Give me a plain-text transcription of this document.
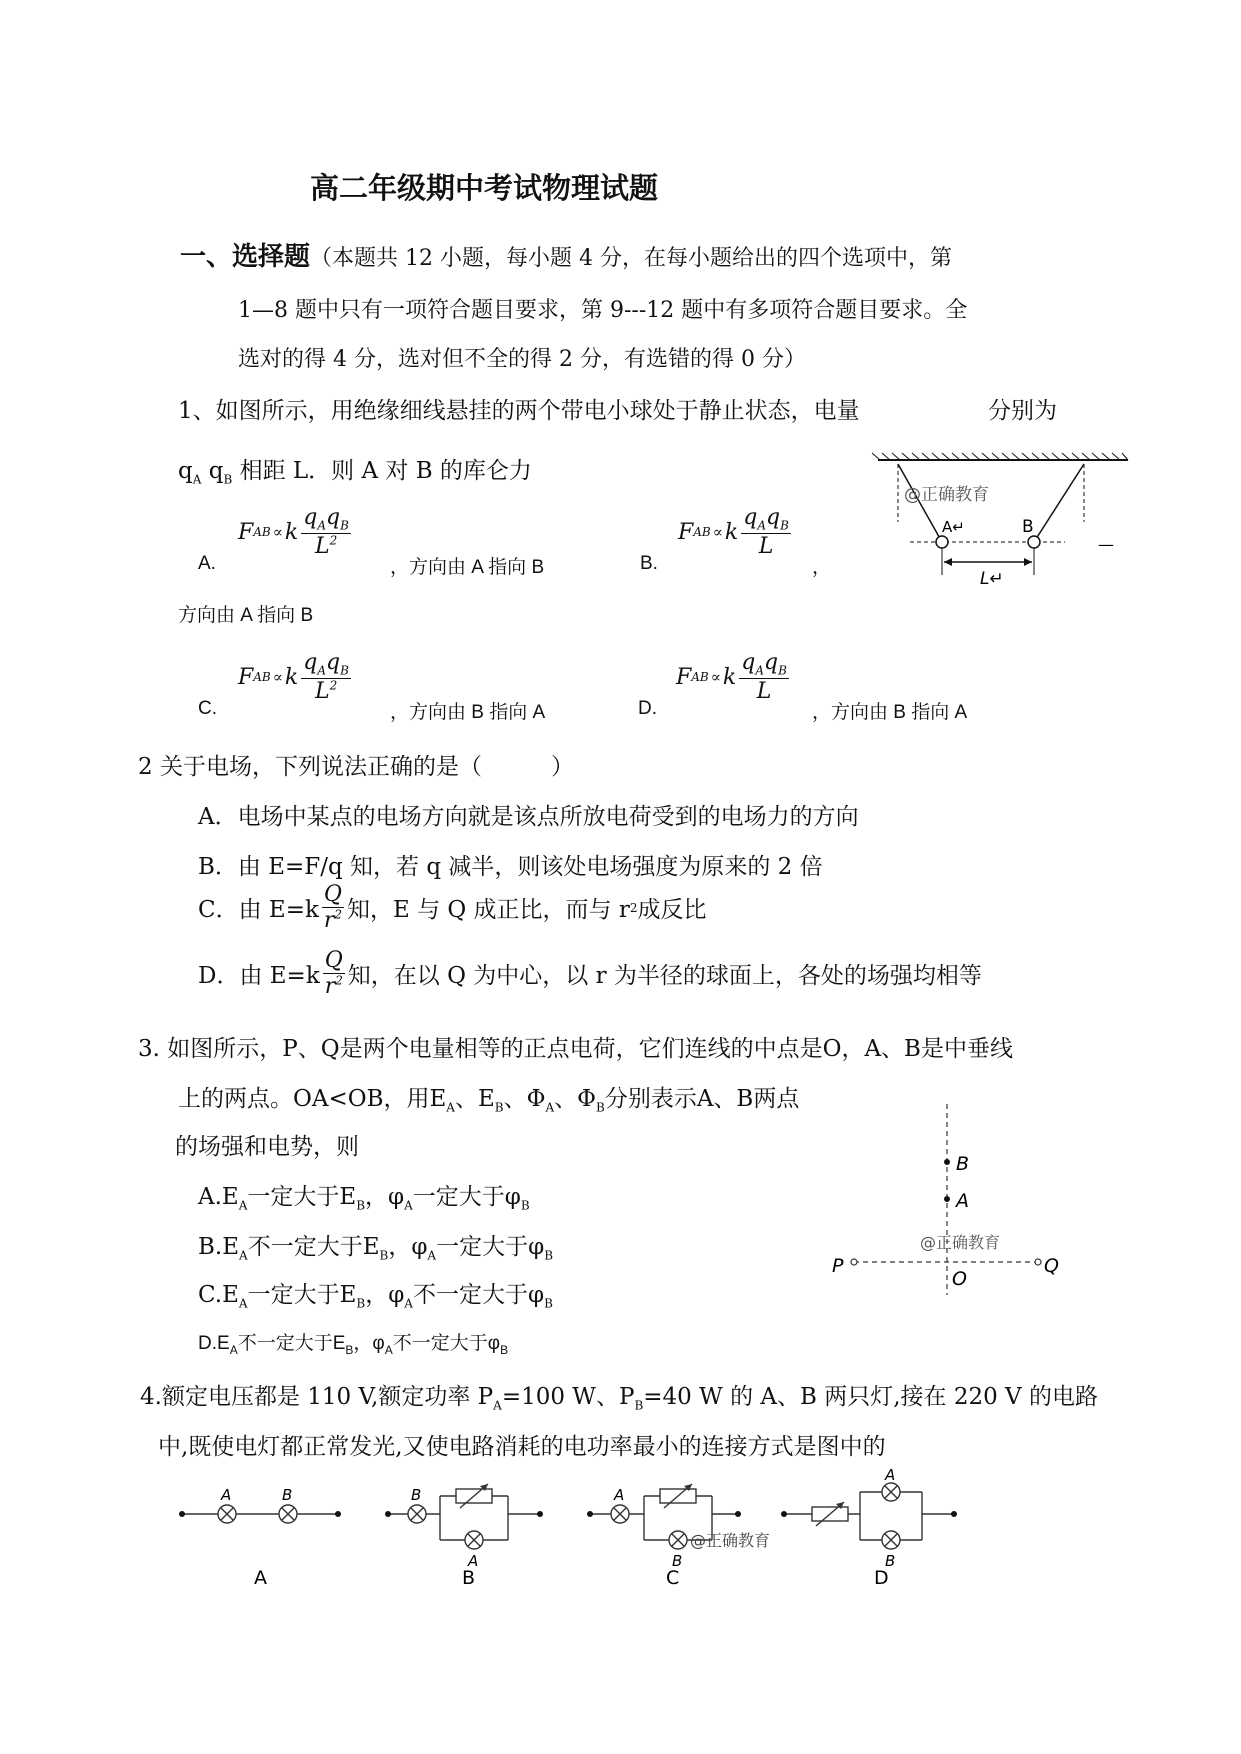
高二年级期中考试物理试题
一、选择题（本题共 12 小题，每小题 4 分，在每小题给出的四个选项中，第
1—8 题中只有一项符合题目要求，第 9---12 题中有多项符合题目要求。全
选对的得 4 分，选对但不全的得 2 分，有选错的得 0 分）
1、如图所示，用绝缘细线悬挂的两个带电小球处于静止状态，电量	分别为
$q_A$ $q_B$ 相距 L．则 A 对 B 的库仑力
A↵	B
L↵
@正确教育
—
A.
F AB ∝ k $\frac{q_Aq_B}{L^2}$
，方向由 A 指向 B	B.
F AB ∝ k $\frac{q_Aq_B}{L}$
，
方向由 A 指向 B
C.
F AB ∝ k $\frac{q_Aq_B}{L^2}$
，方向由 B 指向 A	D.
F AB ∝ k $\frac{q_Aq_B}{L}$
，方向由 B 指向 A
2 关于电场，下列说法正确的是（　　　）
A．电场中某点的电场方向就是该点所放电荷受到的电场力的方向
B．由 E=F/q 知，若 q 减半，则该处电场强度为原来的 2 倍
C．由 $E=k \frac{Q}{r^2}$ 知，E 与 Q 成正比，而与 r 2 成反比
D．由 $E=k \frac{Q}{r^2}$ 知，在以 Q 为中心，以 r 为半径的球面上，各处的场强均相等
3. 如图所示，P、Q是两个电量相等的正点电荷，它们连线的中点是O，A、B是中垂线
上的两点。OA<OB，用$E_A$、$E_B$、$\Phi_A$、$\Phi_B$分别表示A、B两点
的场强和电势，则
$A.E_A$一定大于$E_B$，$\varphi_A$一定大于$\varphi_B$
$B.E_A$不一定大于$E_B$，$\varphi_A$一定大于$\varphi_B$
$C.E_A$一定大于$E_B$，$\varphi_A$不一定大于$\varphi_B$
$D.E_A$不一定大于$E_B$，$\varphi_A$不一定大于$\varphi_B$
B
A
P
O
Q
@正确教育
4.额定电压都是 110 V,额定功率 $P_A=100$ W、$P_B=40$ W 的 A、B 两只灯,接在 220 V 的电路
中,既使电灯都正常发光,又使电路消耗的电功率最小的连接方式是图中的
A	B
A
B
A
B
A
B
@正确教育
C
A
B
D
